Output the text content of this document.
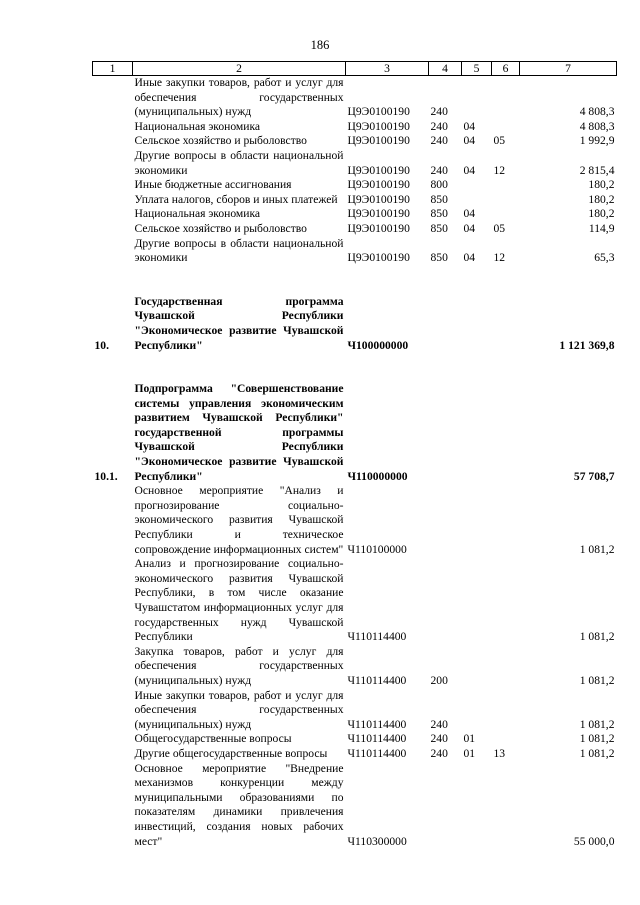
186
1	2	3	4	5	6	7
	Иные закупки товаров, работ и услуг для обеспечения государственных (муниципальных) нужд	Ц9Э0100190	240			4 808,3
	Национальная экономика	Ц9Э0100190	240	04		4 808,3
	Сельское хозяйство и рыболовство	Ц9Э0100190	240	04	05	1 992,9
	Другие вопросы в области национальной экономики	Ц9Э0100190	240	04	12	2 815,4
	Иные бюджетные ассигнования	Ц9Э0100190	800			180,2
	Уплата налогов, сборов и иных платежей	Ц9Э0100190	850			180,2
	Национальная экономика	Ц9Э0100190	850	04		180,2
	Сельское хозяйство и рыболовство	Ц9Э0100190	850	04	05	114,9
	Другие вопросы в области национальной экономики	Ц9Э0100190	850	04	12	65,3

10.	Государственная программа Чувашской Республики "Экономическое развитие Чувашской Республики"	Ч100000000				1 121 369,8

10.1.	Подпрограмма "Совершенствование системы управления экономическим развитием Чувашской Республики" государственной программы Чувашской Республики "Экономическое развитие Чувашской Республики"	Ч110000000				57 708,7
	Основное мероприятие "Анализ и прогнозирование социально-экономического развития Чувашской Республики и техническое сопровождение информационных систем"	Ч110100000				1 081,2
	Анализ и прогнозирование социально-экономического развития Чувашской Республики, в том числе оказание Чувашстатом информационных услуг для государственных нужд Чувашской Республики	Ч110114400				1 081,2
	Закупка товаров, работ и услуг для обеспечения государственных (муниципальных) нужд	Ч110114400	200			1 081,2
	Иные закупки товаров, работ и услуг для обеспечения государственных (муниципальных) нужд	Ч110114400	240			1 081,2
	Общегосударственные вопросы	Ч110114400	240	01		1 081,2
	Другие общегосударственные вопросы	Ч110114400	240	01	13	1 081,2
	Основное мероприятие "Внедрение механизмов конкуренции между муниципальными образованиями по показателям динамики привлечения инвестиций, создания новых рабочих мест"	Ч110300000				55 000,0
